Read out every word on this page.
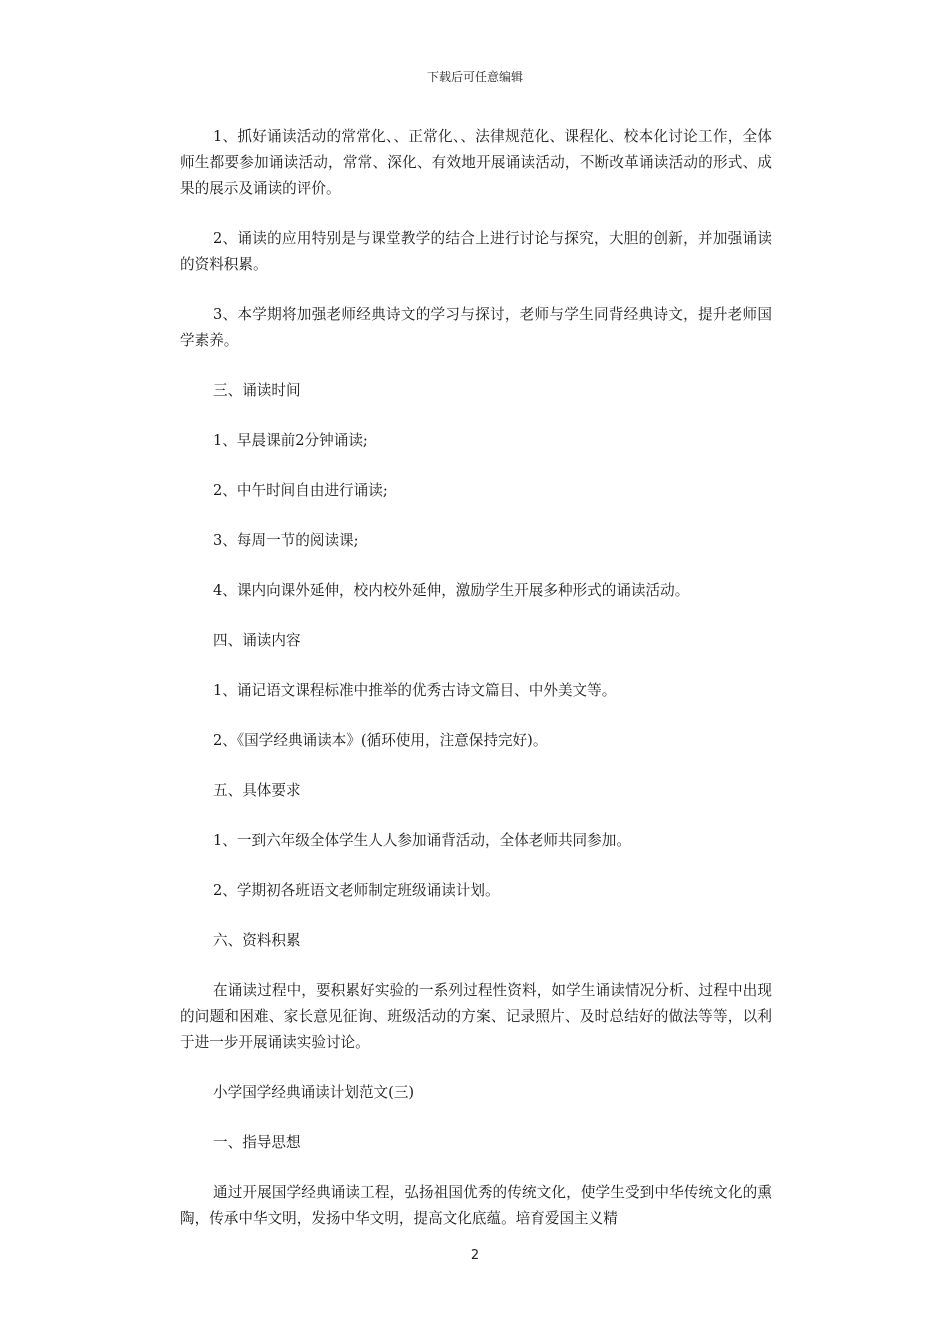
下载后可任意编辑

1、抓好诵读活动的常常化、、正常化、、法律规范化、课程化、校本化讨论工作，全体师生都要参加诵读活动，常常、深化、有效地开展诵读活动，不断改革诵读活动的形式、成果的展示及诵读的评价。

2、诵读的应用特别是与课堂教学的结合上进行讨论与探究，大胆的创新，并加强诵读的资料积累。

3、本学期将加强老师经典诗文的学习与探讨，老师与学生同背经典诗文，提升老师国学素养。

三、诵读时间

1、早晨课前2分钟诵读;

2、中午时间自由进行诵读;

3、每周一节的阅读课;

4、课内向课外延伸，校内校外延伸，激励学生开展多种形式的诵读活动。

四、诵读内容

1、诵记语文课程标准中推举的优秀古诗文篇目、中外美文等。

2、《国学经典诵读本》(循环使用，注意保持完好)。

五、具体要求

1、一到六年级全体学生人人参加诵背活动，全体老师共同参加。

2、学期初各班语文老师制定班级诵读计划。

六、资料积累

在诵读过程中，要积累好实验的一系列过程性资料，如学生诵读情况分析、过程中出现的问题和困难、家长意见征询、班级活动的方案、记录照片、及时总结好的做法等等，以利于进一步开展诵读实验讨论。

小学国学经典诵读计划范文(三)

一、指导思想

通过开展国学经典诵读工程，弘扬祖国优秀的传统文化，使学生受到中华传统文化的熏陶，传承中华文明，发扬中华文明，提高文化底蕴。培育爱国主义精

2
